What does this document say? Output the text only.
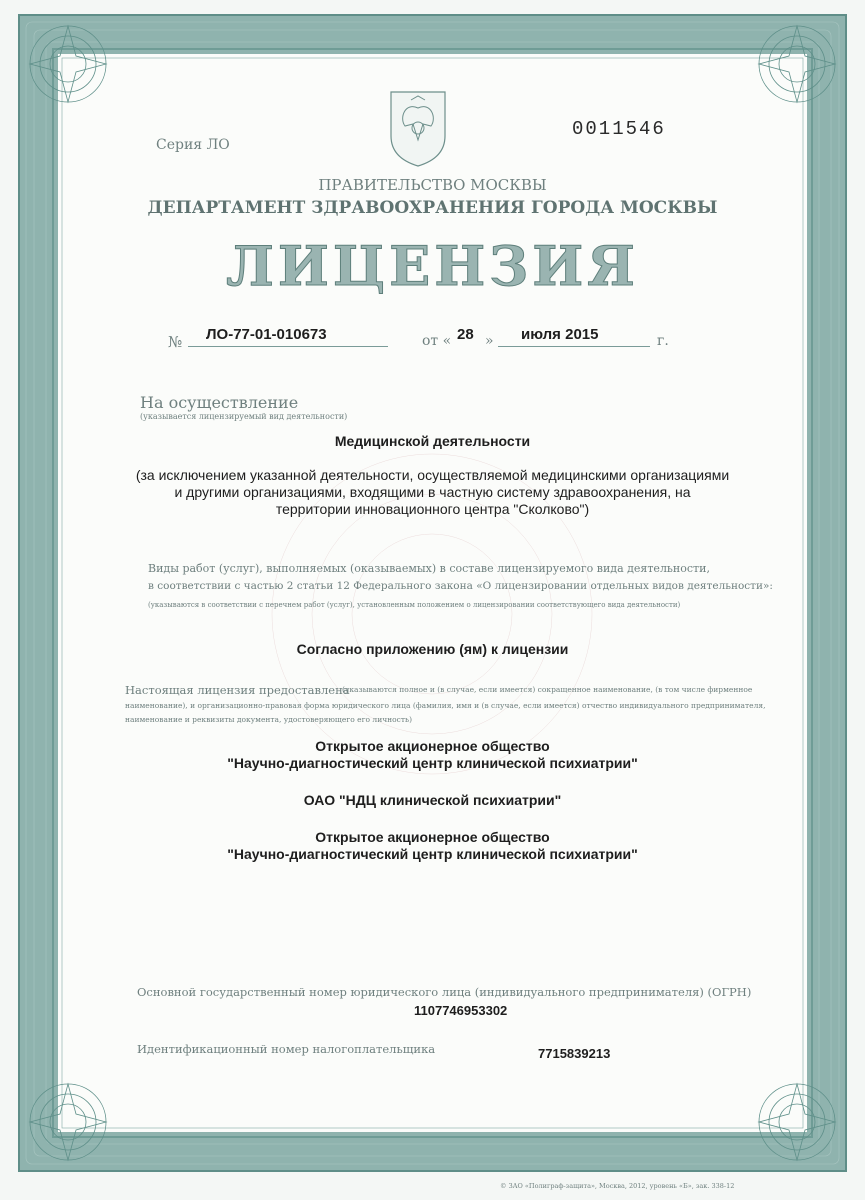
Серия ЛО
0011546
ПРАВИТЕЛЬСТВО МОСКВЫ
ДЕПАРТАМЕНТ ЗДРАВООХРАНЕНИЯ ГОРОДА МОСКВЫ
ЛИЦЕНЗИЯ
№ ЛО-77-01-010673	от « 28 » июля 2015	г.
На осуществление
(указывается лицензируемый вид деятельности)
Медицинской деятельности
(за исключением указанной деятельности, осуществляемой медицинскими организациями
и другими организациями, входящими в частную систему здравоохранения, на
территории инновационного центра "Сколково")
Виды работ (услуг), выполняемых (оказываемых) в составе лицензируемого вида деятельности,
в соответствии с частью 2 статьи 12 Федерального закона «О лицензировании отдельных видов деятельности»:
(указываются в соответствии с перечнем работ (услуг), установленным положением о лицензировании соответствующего вида деятельности)
Согласно приложению (ям) к лицензии
Настоящая лицензия предоставлена
(указываются полное и (в случае, если имеется) сокращенное наименование, (в том числе фирменное
наименование), и организационно-правовая форма юридического лица (фамилия, имя и (в случае, если имеется) отчество индивидуального предпринимателя,
наименование и реквизиты документа, удостоверяющего его личность)
Открытое акционерное общество
"Научно-диагностический центр клинической психиатрии"
ОАО "НДЦ клинической психиатрии"
Открытое акционерное общество
"Научно-диагностический центр клинической психиатрии"
Основной государственный номер юридического лица (индивидуального предпринимателя) (ОГРН)
1107746953302
Идентификационный номер налогоплательщика	7715839213
© ЗАО «Полиграф-защита», Москва, 2012, уровень «Б», зак. 338-12
